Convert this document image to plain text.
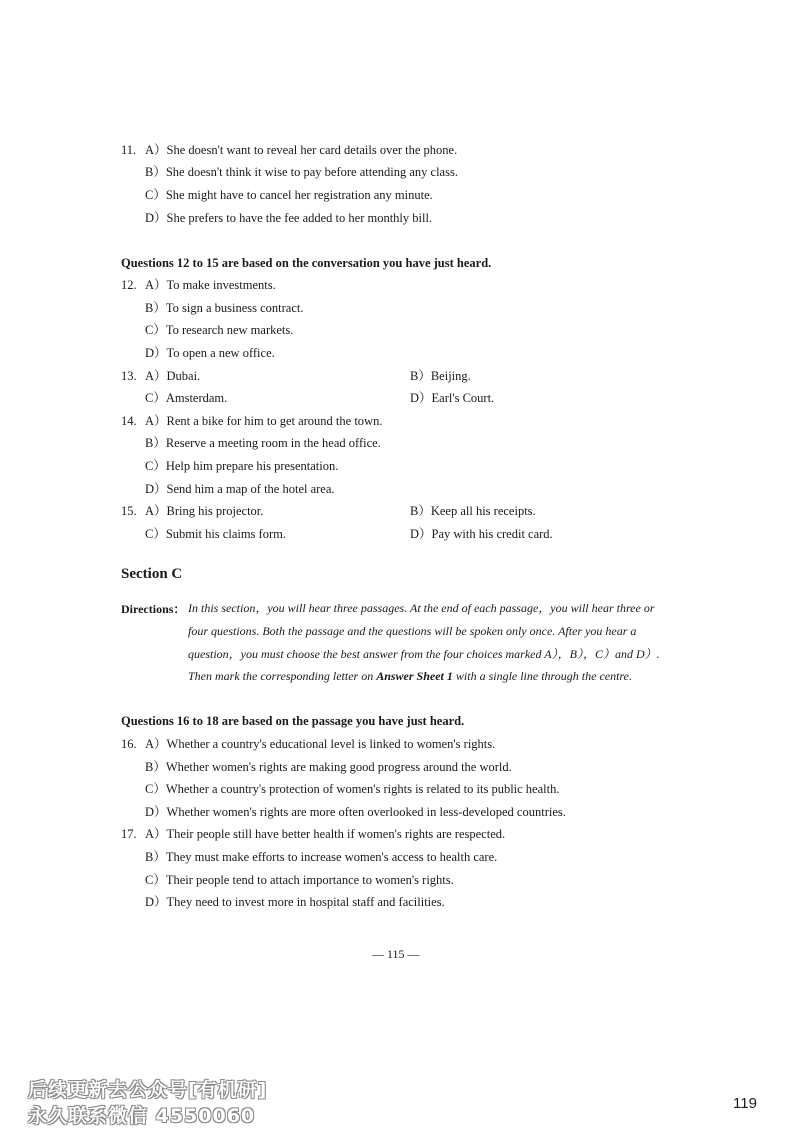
11. A）She doesn't want to reveal her card details over the phone.
B）She doesn't think it wise to pay before attending any class.
C）She might have to cancel her registration any minute.
D）She prefers to have the fee added to her monthly bill.
Questions 12 to 15 are based on the conversation you have just heard.
12. A）To make investments.
B）To sign a business contract.
C）To research new markets.
D）To open a new office.
13. A）Dubai.	B）Beijing.
C）Amsterdam.	D）Earl's Court.
14. A）Rent a bike for him to get around the town.
B）Reserve a meeting room in the head office.
C）Help him prepare his presentation.
D）Send him a map of the hotel area.
15. A）Bring his projector.	B）Keep all his receipts.
C）Submit his claims form.	D）Pay with his credit card.
Section C
Directions： In this section，you will hear three passages. At the end of each passage，you will hear three or
four questions. Both the passage and the questions will be spoken only once. After you hear a
question，you must choose the best answer from the four choices marked A），B），C）and D）.
Then mark the corresponding letter on Answer Sheet 1 with a single line through the centre.
Questions 16 to 18 are based on the passage you have just heard.
16. A）Whether a country's educational level is linked to women's rights.
B）Whether women's rights are making good progress around the world.
C）Whether a country's protection of women's rights is related to its public health.
D）Whether women's rights are more often overlooked in less-developed countries.
17. A）Their people still have better health if women's rights are respected.
B）They must make efforts to increase women's access to health care.
C）Their people tend to attach importance to women's rights.
D）They need to invest more in hospital staff and facilities.
— 115 —
后续更新去公众号[有机研]
永久联系微信 4550060
119
